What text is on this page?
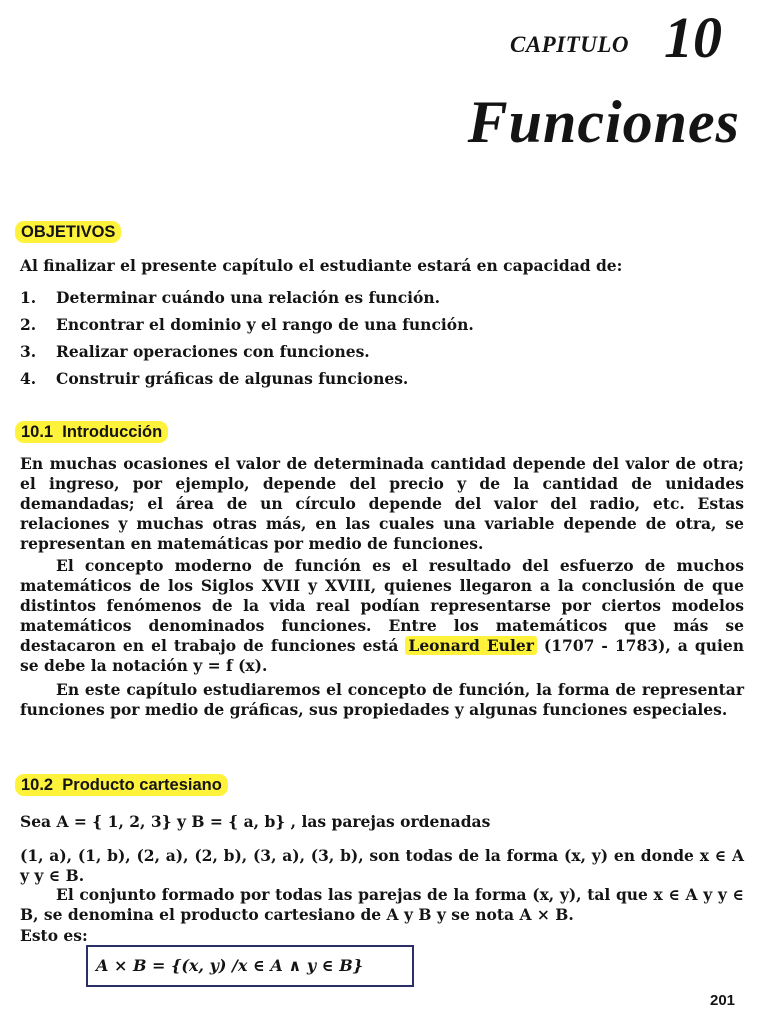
CAPITULO 10
Funciones
OBJETIVOS
Al finalizar el presente capítulo el estudiante estará en capacidad de:
1. Determinar cuándo una relación es función.
2. Encontrar el dominio y el rango de una función.
3. Realizar operaciones con funciones.
4. Construir gráficas de algunas funciones.
10.1  Introducción
En muchas ocasiones el valor de determinada cantidad depende del valor de otra; el ingreso, por ejemplo, depende del precio y de la cantidad de unidades demandadas; el área de un círculo depende del valor del radio, etc. Estas relaciones y muchas otras más, en las cuales una variable depende de otra, se representan en matemáticas por medio de funciones.
El concepto moderno de función es el resultado del esfuerzo de muchos matemáticos de los Siglos XVII y XVIII, quienes llegaron a la conclusión de que distintos fenómenos de la vida real podían representarse por ciertos modelos matemáticos denominados funciones. Entre los matemáticos que más se destacaron en el trabajo de funciones está Leonard Euler (1707 - 1783), a quien se debe la notación y = f (x).
En este capítulo estudiaremos el concepto de función, la forma de representar funciones por medio de gráficas, sus propiedades y algunas funciones especiales.
10.2  Producto cartesiano
Sea A = { 1, 2, 3} y B = { a, b} , las parejas ordenadas
(1, a), (1, b), (2, a), (2, b), (3, a), (3, b), son todas de la forma (x, y) en donde x ∈ A y y ∈ B.
El conjunto formado por todas las parejas de la forma (x, y), tal que x ∈ A y y ∈ B, se denomina el producto cartesiano de A y B y se nota A × B.
Esto es:
A × B = {(x, y) /x ∈ A ∧ y ∈ B}
201
